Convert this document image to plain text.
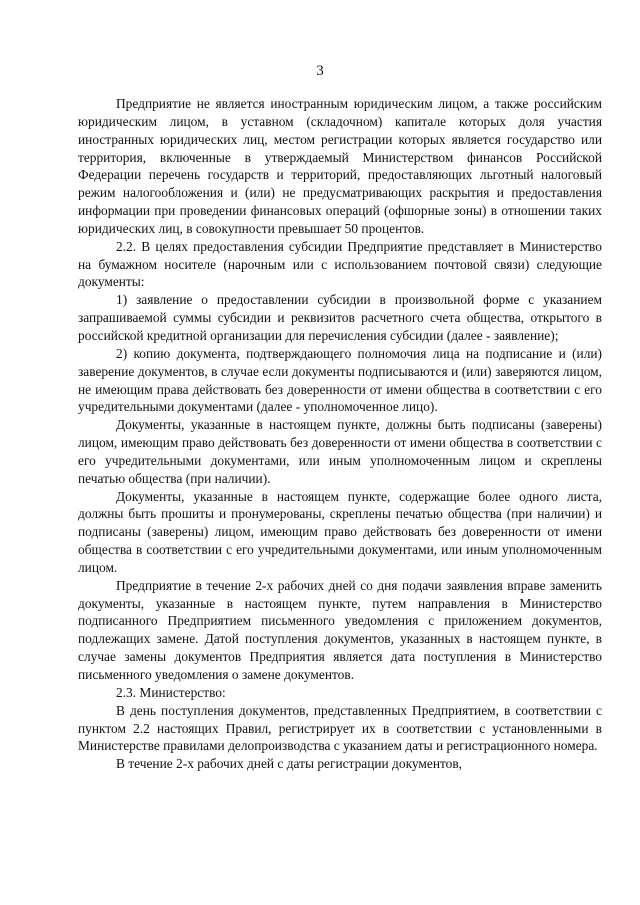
3

Предприятие не является иностранным юридическим лицом, а также российским юридическим лицом, в уставном (складочном) капитале которых доля участия иностранных юридических лиц, местом регистрации которых является государство или территория, включенные в утверждаемый Министерством финансов Российской Федерации перечень государств и территорий, предоставляющих льготный налоговый режим налогообложения и (или) не предусматривающих раскрытия и предоставления информации при проведении финансовых операций (офшорные зоны) в отношении таких юридических лиц, в совокупности превышает 50 процентов.

2.2. В целях предоставления субсидии Предприятие представляет в Министерство на бумажном носителе (нарочным или с использованием почтовой связи) следующие документы:

1) заявление о предоставлении субсидии в произвольной форме с указанием запрашиваемой суммы субсидии и реквизитов расчетного счета общества, открытого в российской кредитной организации для перечисления субсидии (далее - заявление);

2) копию документа, подтверждающего полномочия лица на подписание и (или) заверение документов, в случае если документы подписываются и (или) заверяются лицом, не имеющим права действовать без доверенности от имени общества в соответствии с его учредительными документами (далее - уполномоченное лицо).

Документы, указанные в настоящем пункте, должны быть подписаны (заверены) лицом, имеющим право действовать без доверенности от имени общества в соответствии с его учредительными документами, или иным уполномоченным лицом и скреплены печатью общества (при наличии).

Документы, указанные в настоящем пункте, содержащие более одного листа, должны быть прошиты и пронумерованы, скреплены печатью общества (при наличии) и подписаны (заверены) лицом, имеющим право действовать без доверенности от имени общества в соответствии с его учредительными документами, или иным уполномоченным лицом.

Предприятие в течение 2-х рабочих дней со дня подачи заявления вправе заменить документы, указанные в настоящем пункте, путем направления в Министерство подписанного Предприятием письменного уведомления с приложением документов, подлежащих замене. Датой поступления документов, указанных в настоящем пункте, в случае замены документов Предприятия является дата поступления в Министерство письменного уведомления о замене документов.

2.3. Министерство:

В день поступления документов, представленных Предприятием, в соответствии с пунктом 2.2 настоящих Правил, регистрирует их в соответствии с установленными в Министерстве правилами делопроизводства с указанием даты и регистрационного номера.

В течение 2-х рабочих дней с даты регистрации документов,
